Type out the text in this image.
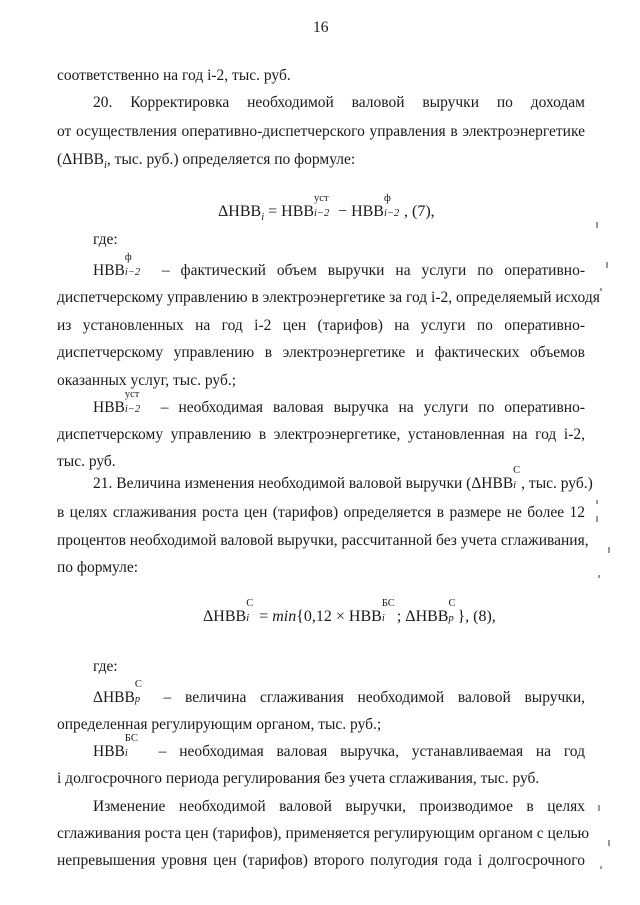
16
соответственно на год i-2, тыс. руб.
20. Корректировка необходимой валовой выручки по доходам
от осуществления оперативно-диспетчерского управления в электроэнергетике
(ΔНВВi, тыс. руб.) определяется по формуле:
ΔНВВi = НВВ
уст
i−2 − НВВ
ф
i−2 , (7),
где:
НВВ
ф
i−2 – фактический объем выручки на услуги по оперативно-
диспетчерскому управлению в электроэнергетике за год i-2, определяемый исходя
из установленных на год i-2 цен (тарифов) на услуги по оперативно-
диспетчерскому управлению в электроэнергетике и фактических объемов
оказанных услуг, тыс. руб.;
НВВ
уст
i−2 – необходимая валовая выручка на услуги по оперативно-
диспетчерскому управлению в электроэнергетике, установленная на год i-2,
тыс. руб.
21. Величина изменения необходимой валовой выручки (ΔНВВ
С
i , тыс. руб.)
в целях сглаживания роста цен (тарифов) определяется в размере не более 12
процентов необходимой валовой выручки, рассчитанной без учета сглаживания,
по формуле:
ΔНВВ
С
i = min{0,12 × НВВ
БС
i ; ΔНВВ
С
р }, (8),
где:
ΔНВВ
С
р – величина сглаживания необходимой валовой выручки,
определенная регулирующим органом, тыс. руб.;
НВВ
БС
i – необходимая валовая выручка, устанавливаемая на год
i долгосрочного периода регулирования без учета сглаживания, тыс. руб.
Изменение необходимой валовой выручки, производимое в целях
сглаживания роста цен (тарифов), применяется регулирующим органом с целью
непревышения уровня цен (тарифов) второго полугодия года i долгосрочного
